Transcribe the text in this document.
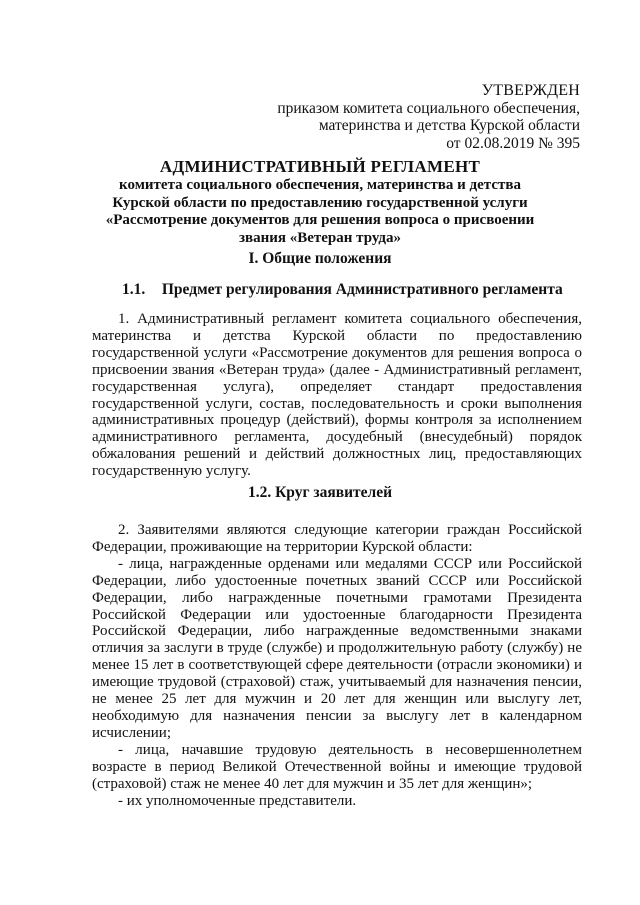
УТВЕРЖДЕН
приказом комитета социального обеспечения,
материнства и детства Курской области
от 02.08.2019 № 395
АДМИНИСТРАТИВНЫЙ РЕГЛАМЕНТ
комитета социального обеспечения, материнства и детства
Курской области по предоставлению государственной услуги
«Рассмотрение документов для решения вопроса о присвоении
звания «Ветеран труда»
I. Общие положения
1.1. Предмет регулирования Административного регламента
1. Административный регламент комитета социального обеспечения, материнства и детства Курской области по предоставлению государственной услуги «Рассмотрение документов для решения вопроса о присвоении звания «Ветеран труда» (далее - Административный регламент, государственная услуга), определяет стандарт предоставления государственной услуги, состав, последовательность и сроки выполнения административных процедур (действий), формы контроля за исполнением административного регламента, досудебный (внесудебный) порядок обжалования решений и действий должностных лиц, предоставляющих государственную услугу.
1.2. Круг заявителей
2. Заявителями являются следующие категории граждан Российской Федерации, проживающие на территории Курской области:
- лица, награжденные орденами или медалями СССР или Российской Федерации, либо удостоенные почетных званий СССР или Российской Федерации, либо награжденные почетными грамотами Президента Российской Федерации или удостоенные благодарности Президента Российской Федерации, либо награжденные ведомственными знаками отличия за заслуги в труде (службе) и продолжительную работу (службу) не менее 15 лет в соответствующей сфере деятельности (отрасли экономики) и имеющие трудовой (страховой) стаж, учитываемый для назначения пенсии, не менее 25 лет для мужчин и 20 лет для женщин или выслугу лет, необходимую для назначения пенсии за выслугу лет в календарном исчислении;
- лица, начавшие трудовую деятельность в несовершеннолетнем возрасте в период Великой Отечественной войны и имеющие трудовой (страховой) стаж не менее 40 лет для мужчин и 35 лет для женщин»;
- их уполномоченные представители.
